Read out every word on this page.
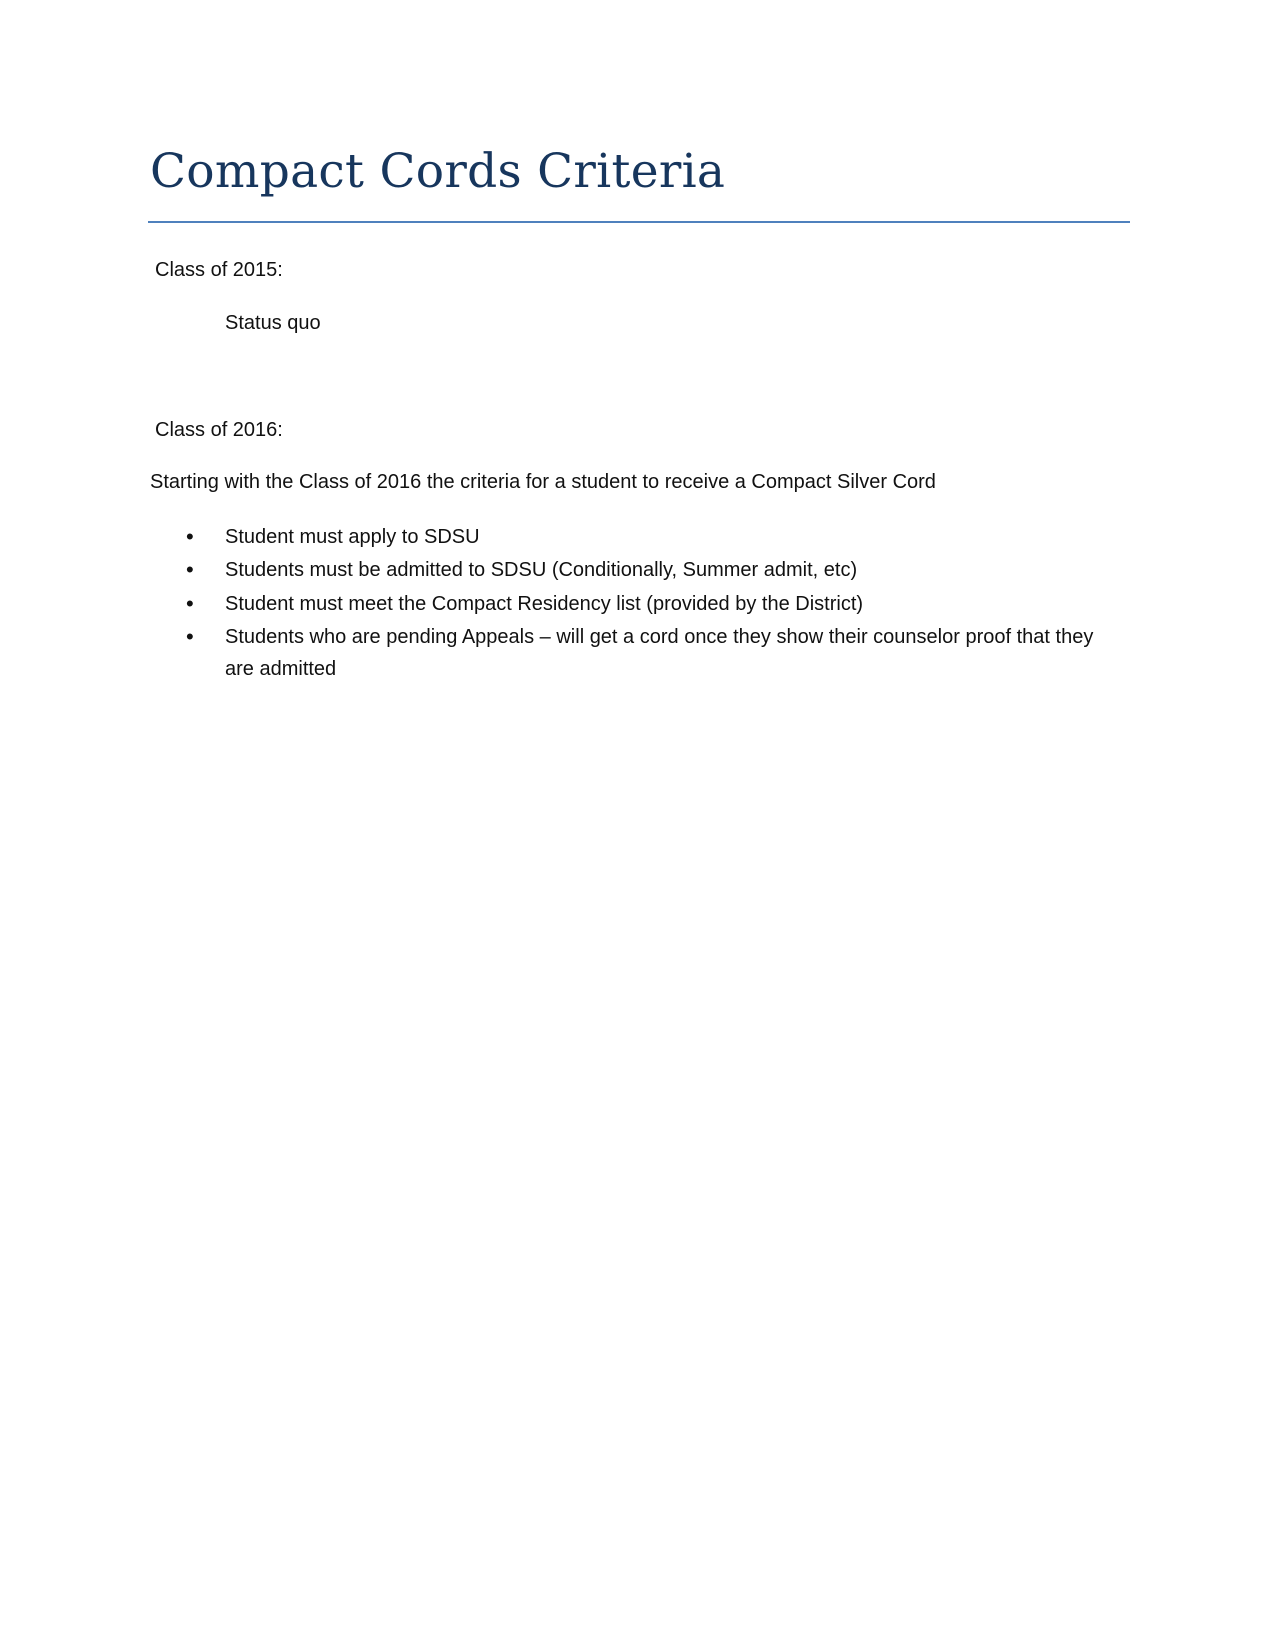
Compact Cords Criteria

Class of 2015:

Status quo

Class of 2016:

Starting with the Class of 2016 the criteria for a student to receive a Compact Silver Cord

• Student must apply to SDSU
• Students must be admitted to SDSU (Conditionally, Summer admit, etc)
• Student must meet the Compact Residency list (provided by the District)
• Students who are pending Appeals – will get a cord once they show their counselor proof that they are admitted
